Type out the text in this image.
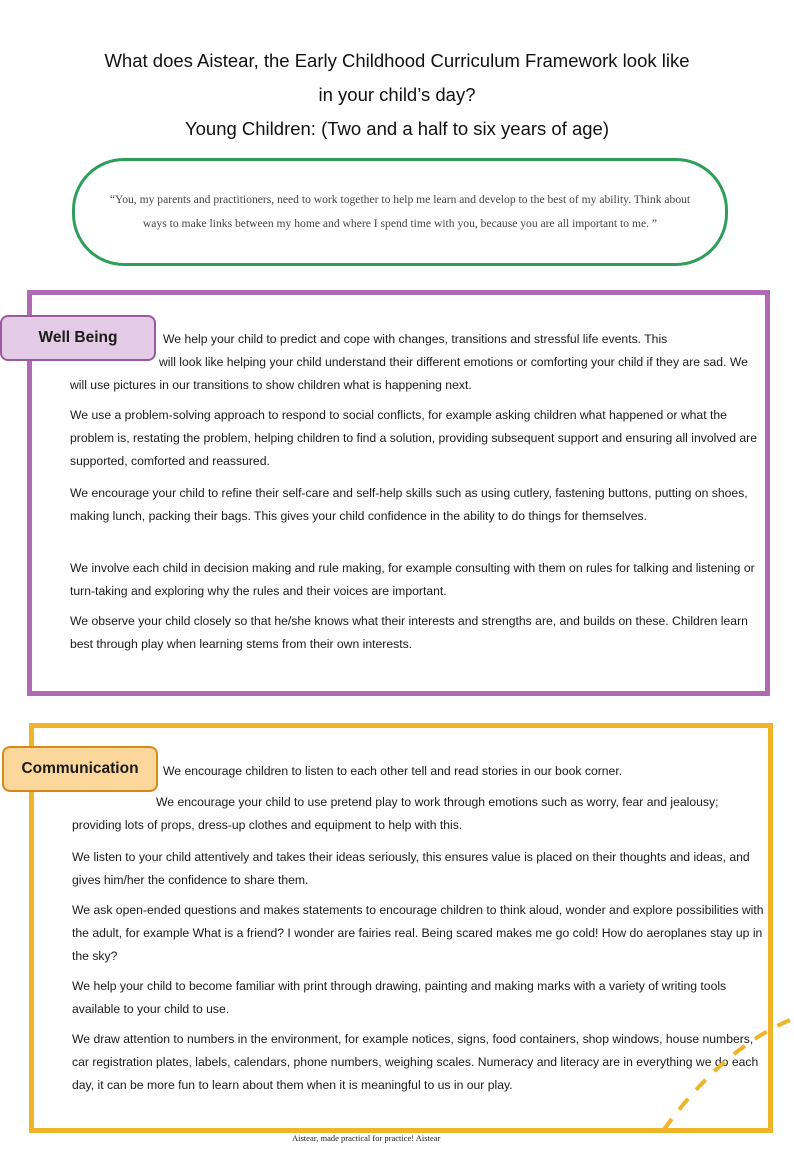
What does Aistear, the Early Childhood Curriculum Framework look like
in your child’s day?
Young Children: (Two and a half to six years of age)
“You, my parents and practitioners, need to work together to help me learn and develop to the best of my ability. Think about ways to make links between my home and where I spend time with you, because you are all important to me. ”
Well Being	We help your child to predict and cope with changes, transitions and stressful life events. This

will look like helping your child understand their different emotions or comforting your child if they are sad. We will use pictures in our transitions to show children what is happening next.

We use a problem-solving approach to respond to social conflicts, for example asking children what happened or what the problem is, restating the problem, helping children to find a solution, providing subsequent support and ensuring all involved are supported, comforted and reassured.

We encourage your child to refine their self-care and self-help skills such as using cutlery, fastening buttons, putting on shoes, making lunch, packing their bags. This gives your child confidence in the ability to do things for themselves.

We involve each child in decision making and rule making, for example consulting with them on rules for talking and listening or turn-taking and exploring why the rules and their voices are important.

We observe your child closely so that he/she knows what their interests and strengths are, and builds on these. Children learn best through play when learning stems from their own interests.

Communication	We encourage children to listen to each other tell and read stories in our book corner.

We encourage your child to use pretend play to work through emotions such as worry, fear and jealousy; providing lots of props, dress-up clothes and equipment to help with this.

We listen to your child attentively and takes their ideas seriously, this ensures value is placed on their thoughts and ideas, and gives him/her the confidence to share them.

We ask open-ended questions and makes statements to encourage children to think aloud, wonder and explore possibilities with the adult, for example What is a friend? I wonder are fairies real. Being scared makes me go cold! How do aeroplanes stay up in the sky?

We help your child to become familiar with print through drawing, painting and making marks with a variety of writing tools available to your child to use.

We draw attention to numbers in the environment, for example notices, signs, food containers, shop windows, house numbers, car registration plates, labels, calendars, phone numbers, weighing scales. Numeracy and literacy are in everything we do each day, it can be more fun to learn about them when it is meaningful to us in our play.

Aistear, made practical for practice! Aistear
